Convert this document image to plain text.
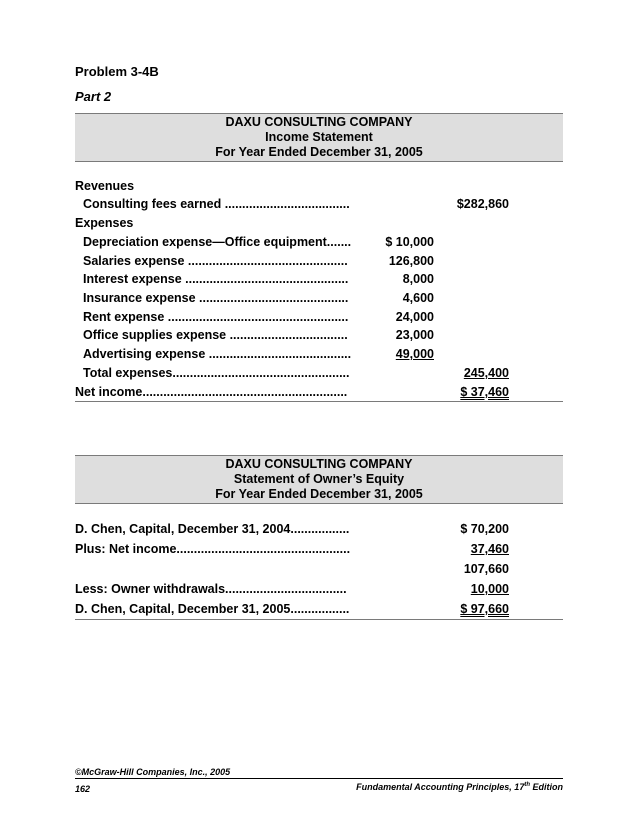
Problem 3-4B
Part 2
DAXU CONSULTING COMPANY
Income Statement
For Year Ended December 31, 2005
Revenues
Consulting fees earned ....................................	$282,860
Expenses
Depreciation expense—Office equipment.......	$ 10,000
Salaries expense ..............................................	126,800
Interest expense ...............................................	8,000
Insurance expense ...........................................	4,600
Rent expense ....................................................	24,000
Office supplies expense ..................................	23,000
Advertising expense .........................................	49,000
Total expenses...................................................	245,400
Net income...........................................................	$ 37,460
DAXU CONSULTING COMPANY
Statement of Owner’s Equity
For Year Ended December 31, 2005
D. Chen, Capital, December 31, 2004.................	$ 70,200
Plus: Net income..................................................	37,460
107,660
Less: Owner withdrawals...................................	10,000
D. Chen, Capital, December 31, 2005.................	$ 97,660
©McGraw-Hill Companies, Inc., 2005
162	Fundamental Accounting Principles, 17th Edition
